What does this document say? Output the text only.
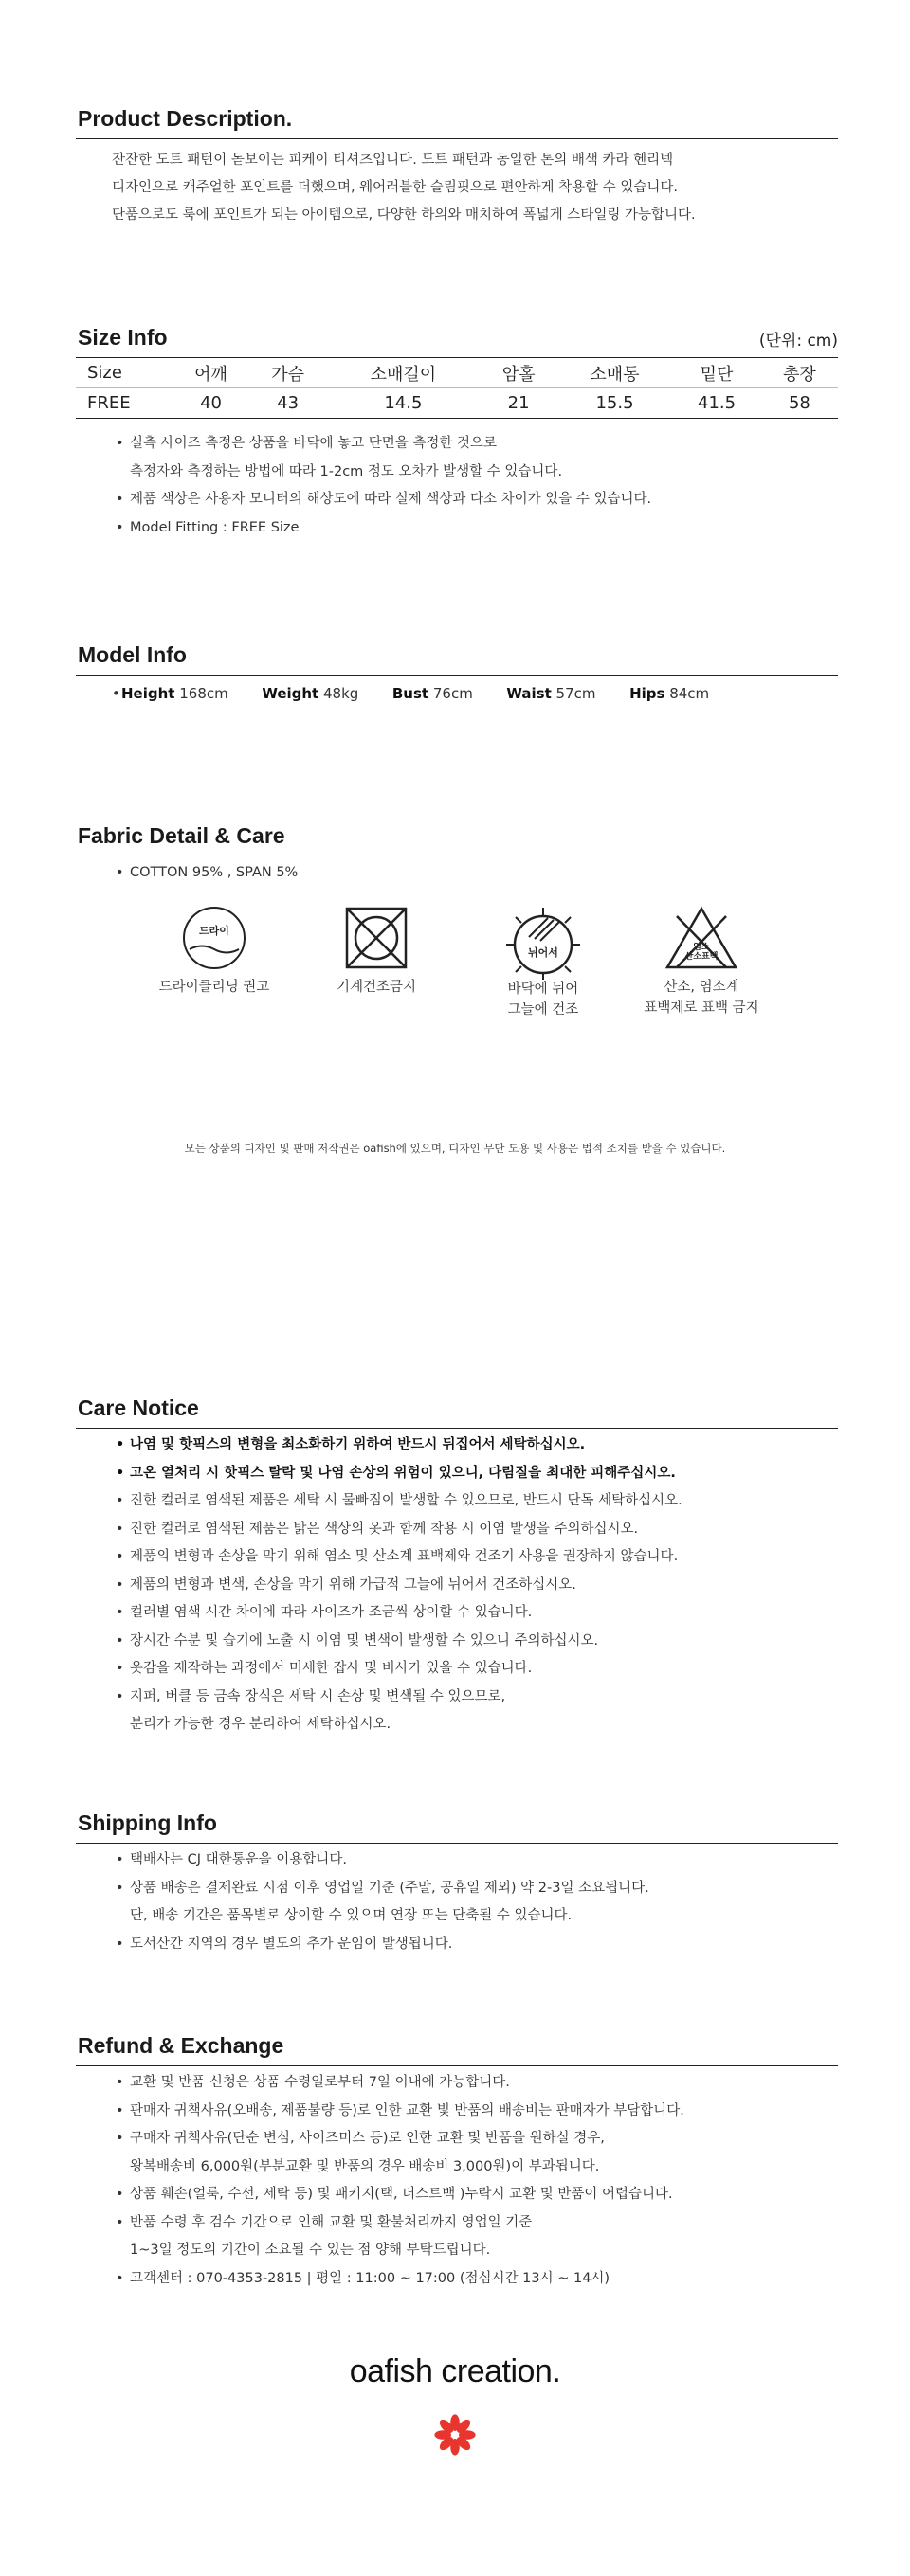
Product Description.
잔잔한 도트 패턴이 돋보이는 피케이 티셔츠입니다. 도트 패턴과 동일한 톤의 배색 카라 헨리넥
디자인으로 캐주얼한 포인트를 더했으며, 웨어러블한 슬림핏으로 편안하게 착용할 수 있습니다.
단품으로도 룩에 포인트가 되는 아이템으로, 다양한 하의와 매치하여 폭넓게 스타일링 가능합니다.
Size Info	(단위: cm)
Size	어깨	가슴	소매길이	암홀	소매통	밑단	총장
FREE	40	43	14.5	21	15.5	41.5	58
• 실측 사이즈 측정은 상품을 바닥에 놓고 단면을 측정한 것으로
측정자와 측정하는 방법에 따라 1-2cm 정도 오차가 발생할 수 있습니다.
• 제품 색상은 사용자 모니터의 해상도에 따라 실제 색상과 다소 차이가 있을 수 있습니다.
• Model Fitting : FREE Size
Model Info
• Height 168cm Weight 48kg Bust 76cm Waist 57cm Hips 84cm
Fabric Detail & Care
• COTTON 95% , SPAN 5%
드라이
드라이클리닝 권고	기계건조금지
뉘어서
바닥에 뉘어
그늘에 건조
염소
산소표백
산소, 염소계
표백제로 표백 금지
모든 상품의 디자인 및 판매 저작권은 oafish에 있으며, 디자인 무단 도용 및 사용은 법적 조치를 받을 수 있습니다.
Care Notice
• 나염 및 핫픽스의 변형을 최소화하기 위하여 반드시 뒤집어서 세탁하십시오.
• 고온 열처리 시 핫픽스 탈락 및 나염 손상의 위험이 있으니, 다림질을 최대한 피해주십시오.
• 진한 컬러로 염색된 제품은 세탁 시 물빠짐이 발생할 수 있으므로, 반드시 단독 세탁하십시오.
• 진한 컬러로 염색된 제품은 밝은 색상의 옷과 함께 착용 시 이염 발생을 주의하십시오.
• 제품의 변형과 손상을 막기 위해 염소 및 산소계 표백제와 건조기 사용을 권장하지 않습니다.
• 제품의 변형과 변색, 손상을 막기 위해 가급적 그늘에 뉘어서 건조하십시오.
• 컬러별 염색 시간 차이에 따라 사이즈가 조금씩 상이할 수 있습니다.
• 장시간 수분 및 습기에 노출 시 이염 및 변색이 발생할 수 있으니 주의하십시오.
• 옷감을 제작하는 과정에서 미세한 잡사 및 비사가 있을 수 있습니다.
• 지퍼, 버클 등 금속 장식은 세탁 시 손상 및 변색될 수 있으므로,
분리가 가능한 경우 분리하여 세탁하십시오.
Shipping Info
• 택배사는 CJ 대한통운을 이용합니다.
• 상품 배송은 결제완료 시점 이후 영업일 기준 (주말, 공휴일 제외) 약 2-3일 소요됩니다.
단, 배송 기간은 품목별로 상이할 수 있으며 연장 또는 단축될 수 있습니다.
• 도서산간 지역의 경우 별도의 추가 운임이 발생됩니다.
Refund & Exchange
• 교환 및 반품 신청은 상품 수령일로부터 7일 이내에 가능합니다.
• 판매자 귀책사유(오배송, 제품불량 등)로 인한 교환 빛 반품의 배송비는 판매자가 부담합니다.
• 구매자 귀책사유(단순 변심, 사이즈미스 등)로 인한 교환 및 반품을 원하실 경우,
왕복배송비 6,000원(부분교환 및 반품의 경우 배송비 3,000원)이 부과됩니다.
• 상품 훼손(얼룩, 수선, 세탁 등) 및 패키지(택, 더스트백 )누락시 교환 및 반품이 어렵습니다.
• 반품 수령 후 검수 기간으로 인해 교환 및 환불처리까지 영업일 기준
1~3일 정도의 기간이 소요될 수 있는 점 양해 부탁드립니다.
• 고객센터 : 070-4353-2815 | 평일 : 11:00 ~ 17:00 (점심시간 13시 ~ 14시)
oafish creation.
